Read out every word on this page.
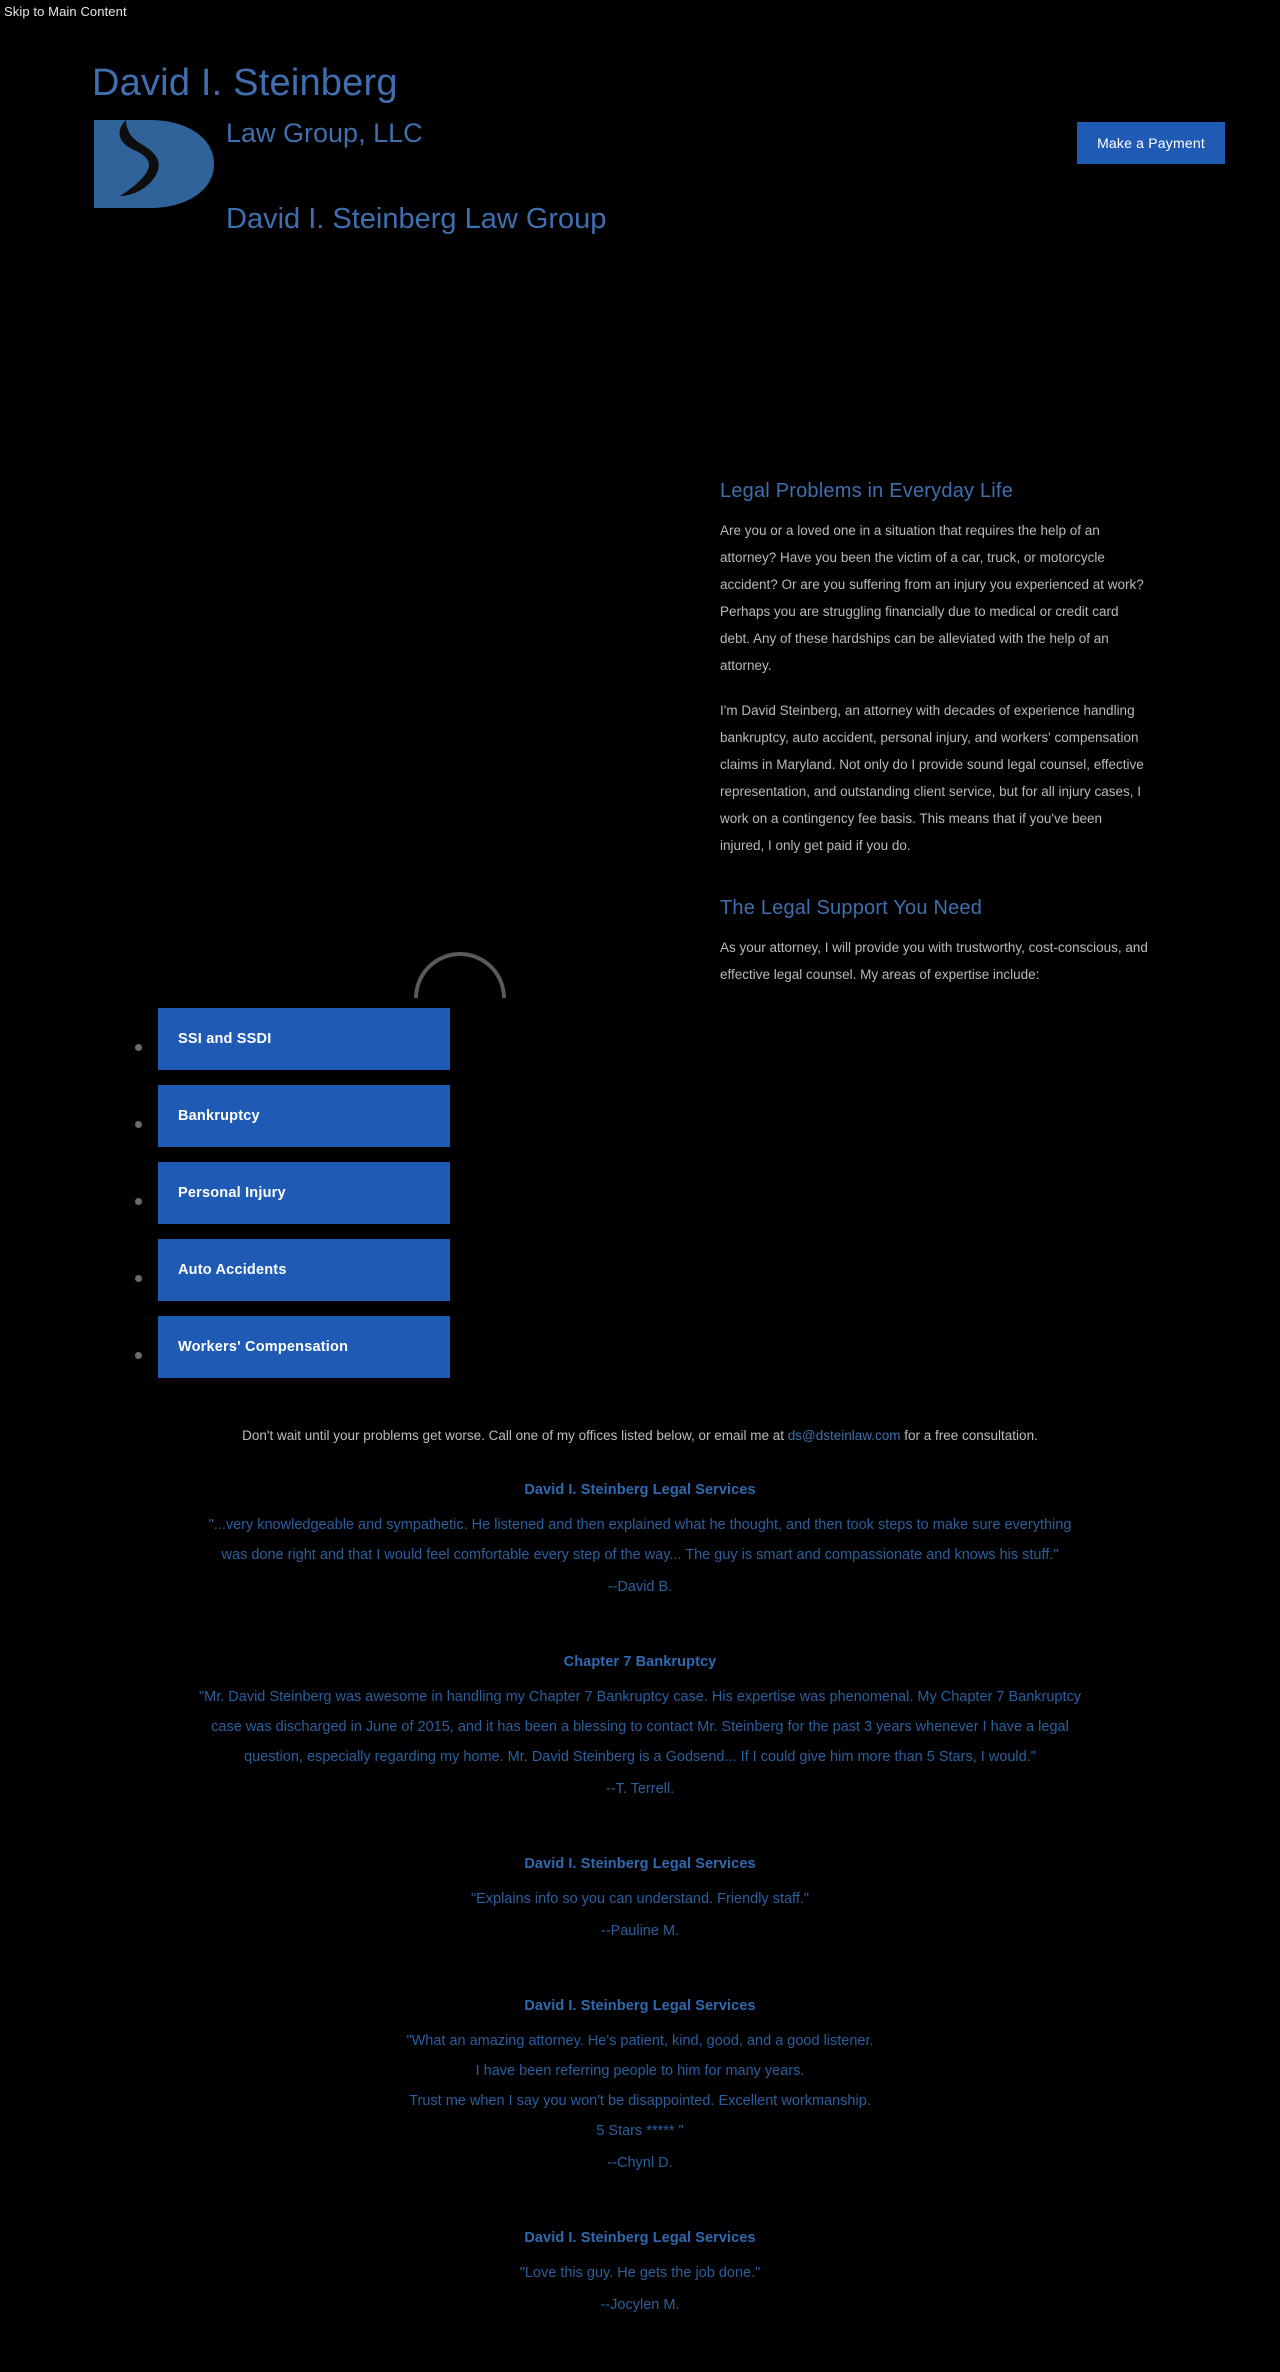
Skip to Main Content
David I. Steinberg
Law Group, LLC
David I. Steinberg Law Group
Make a Payment
Legal Problems in Everyday Life

Are you or a loved one in a situation that requires the help of an attorney? Have you been the victim of a car, truck, or motorcycle accident? Or are you suffering from an injury you experienced at work? Perhaps you are struggling financially due to medical or credit card debt. Any of these hardships can be alleviated with the help of an attorney.

I'm David Steinberg, an attorney with decades of experience handling bankruptcy, auto accident, personal injury, and workers' compensation claims in Maryland. Not only do I provide sound legal counsel, effective representation, and outstanding client service, but for all injury cases, I work on a contingency fee basis. This means that if you've been injured, I only get paid if you do.

The Legal Support You Need

As your attorney, I will provide you with trustworthy, cost-conscious, and effective legal counsel. My areas of expertise include:

SSI and SSDI
Bankruptcy
Personal Injury
Auto Accidents
Workers' Compensation
Don't wait until your problems get worse. Call one of my offices listed below, or email me at ds@dsteinlaw.com for a free consultation.
David I. Steinberg Legal Services
"...very knowledgeable and sympathetic. He listened and then explained what he thought, and then took steps to make sure everything
was done right and that I would feel comfortable every step of the way... The guy is smart and compassionate and knows his stuff."
--David B.
Chapter 7 Bankruptcy
"Mr. David Steinberg was awesome in handling my Chapter 7 Bankruptcy case. His expertise was phenomenal. My Chapter 7 Bankruptcy
case was discharged in June of 2015, and it has been a blessing to contact Mr. Steinberg for the past 3 years whenever I have a legal
question, especially regarding my home. Mr. David Steinberg is a Godsend... If I could give him more than 5 Stars, I would."
--T. Terrell.
David I. Steinberg Legal Services
"Explains info so you can understand. Friendly staff."
--Pauline M.
David I. Steinberg Legal Services
"What an amazing attorney. He's patient, kind, good, and a good listener.
I have been referring people to him for many years.
Trust me when I say you won't be disappointed. Excellent workmanship.
5 Stars ***** "
--Chynl D.
David I. Steinberg Legal Services
"Love this guy. He gets the job done."
--Jocylen M.
